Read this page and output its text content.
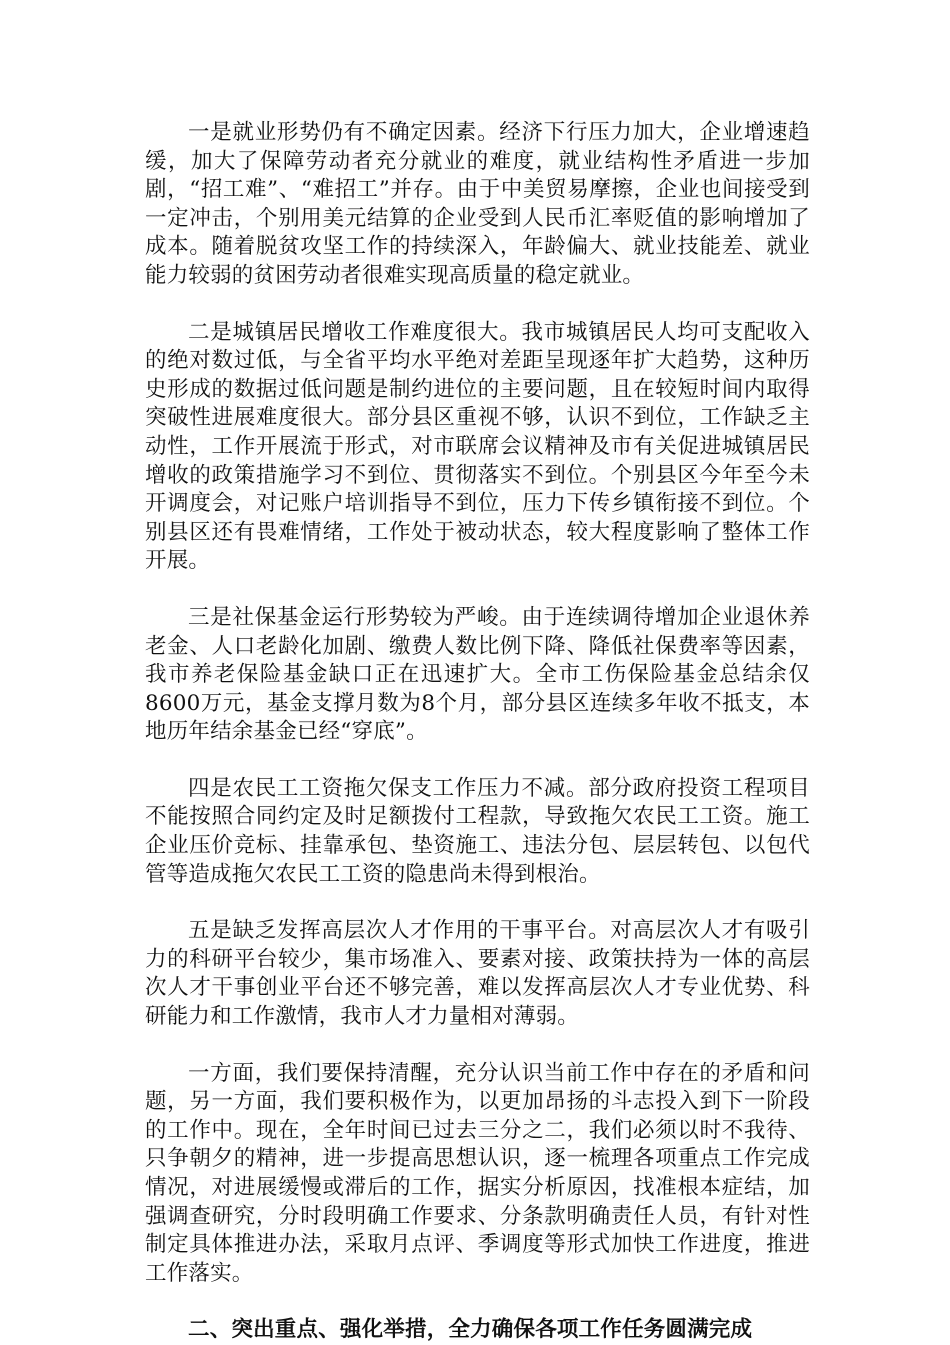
一是就业形势仍有不确定因素。经济下行压力加大，企业增速趋缓，加大了保障劳动者充分就业的难度，就业结构性矛盾进一步加剧，“招工难”、“难招工”并存。由于中美贸易摩擦，企业也间接受到一定冲击，个别用美元结算的企业受到人民币汇率贬值的影响增加了成本。随着脱贫攻坚工作的持续深入，年龄偏大、就业技能差、就业能力较弱的贫困劳动者很难实现高质量的稳定就业。

二是城镇居民增收工作难度很大。我市城镇居民人均可支配收入的绝对数过低，与全省平均水平绝对差距呈现逐年扩大趋势，这种历史形成的数据过低问题是制约进位的主要问题，且在较短时间内取得突破性进展难度很大。部分县区重视不够，认识不到位，工作缺乏主动性，工作开展流于形式，对市联席会议精神及市有关促进城镇居民增收的政策措施学习不到位、贯彻落实不到位。个别县区今年至今未开调度会，对记账户培训指导不到位，压力下传乡镇衔接不到位。个别县区还有畏难情绪，工作处于被动状态，较大程度影响了整体工作开展。

三是社保基金运行形势较为严峻。由于连续调待增加企业退休养老金、人口老龄化加剧、缴费人数比例下降、降低社保费率等因素，我市养老保险基金缺口正在迅速扩大。全市工伤保险基金总结余仅8600万元，基金支撑月数为8个月，部分县区连续多年收不抵支，本地历年结余基金已经“穿底”。

四是农民工工资拖欠保支工作压力不减。部分政府投资工程项目不能按照合同约定及时足额拨付工程款，导致拖欠农民工工资。施工企业压价竞标、挂靠承包、垫资施工、违法分包、层层转包、以包代管等造成拖欠农民工工资的隐患尚未得到根治。

五是缺乏发挥高层次人才作用的干事平台。对高层次人才有吸引力的科研平台较少，集市场准入、要素对接、政策扶持为一体的高层次人才干事创业平台还不够完善，难以发挥高层次人才专业优势、科研能力和工作激情，我市人才力量相对薄弱。

一方面，我们要保持清醒，充分认识当前工作中存在的矛盾和问题，另一方面，我们要积极作为，以更加昂扬的斗志投入到下一阶段的工作中。现在，全年时间已过去三分之二，我们必须以时不我待、只争朝夕的精神，进一步提高思想认识，逐一梳理各项重点工作完成情况，对进展缓慢或滞后的工作，据实分析原因，找准根本症结，加强调查研究，分时段明确工作要求、分条款明确责任人员，有针对性制定具体推进办法，采取月点评、季调度等形式加快工作进度，推进工作落实。

二、突出重点、强化举措，全力确保各项工作任务圆满完成
